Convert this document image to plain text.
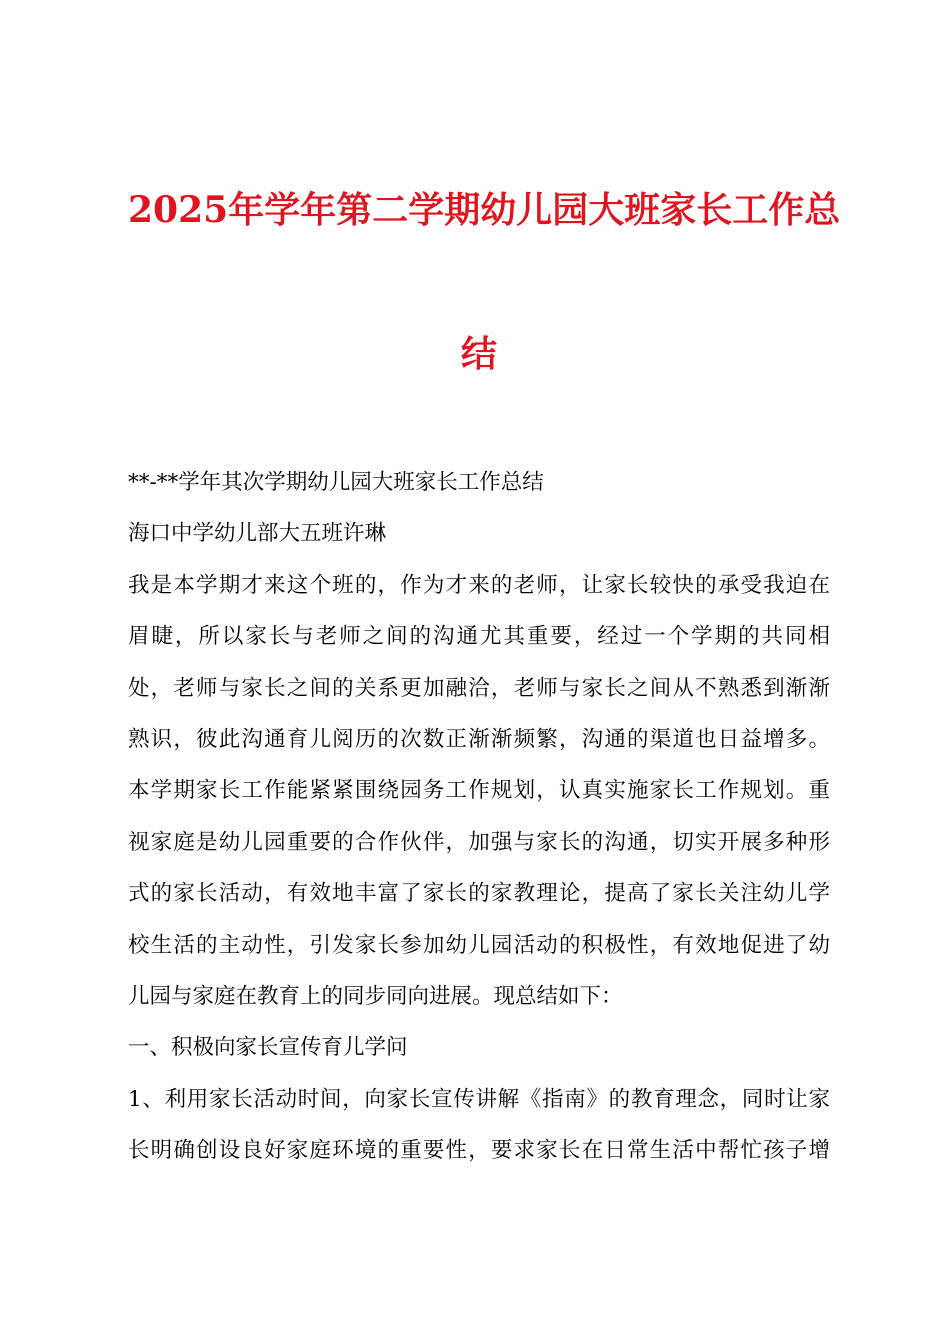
2025年学年第二学期幼儿园大班家长工作总
结
**-**学年其次学期幼儿园大班家长工作总结
海口中学幼儿部大五班许琳
我是本学期才来这个班的，作为才来的老师，让家长较快的承受我迫在
眉睫，所以家长与老师之间的沟通尤其重要，经过一个学期的共同相
处，老师与家长之间的关系更加融洽，老师与家长之间从不熟悉到渐渐
熟识，彼此沟通育儿阅历的次数正渐渐频繁，沟通的渠道也日益增多。
本学期家长工作能紧紧围绕园务工作规划，认真实施家长工作规划。重
视家庭是幼儿园重要的合作伙伴，加强与家长的沟通，切实开展多种形
式的家长活动，有效地丰富了家长的家教理论，提高了家长关注幼儿学
校生活的主动性，引发家长参加幼儿园活动的积极性，有效地促进了幼
儿园与家庭在教育上的同步同向进展。现总结如下：
一、积极向家长宣传育儿学问
1、利用家长活动时间，向家长宣传讲解《指南》的教育理念，同时让家
长明确创设良好家庭环境的重要性，要求家长在日常生活中帮忙孩子增
